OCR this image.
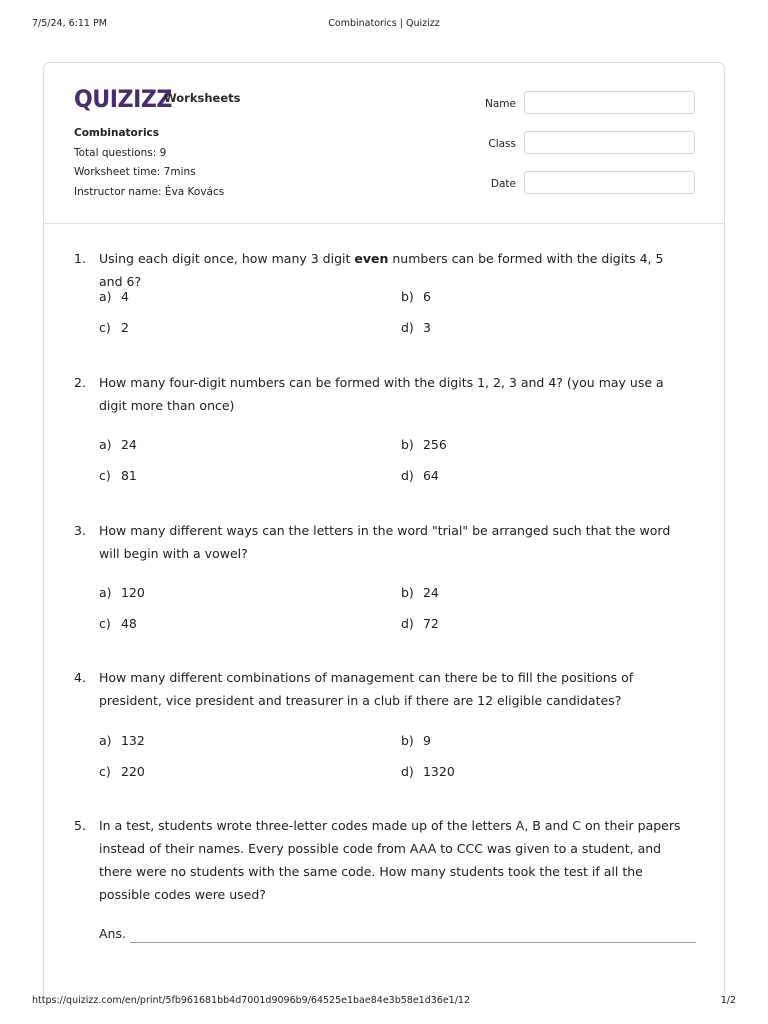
7/5/24, 6:11 PM	Combinatorics | Quizizz
QUIZIZZ
Worksheets
Combinatorics
Total questions: 9
Worksheet time: 7mins
Instructor name: Éva Kovács
Name
Class
Date
1. Using each digit once, how many 3 digit even numbers can be formed with the digits 4, 5 and 6?
a) 4	b) 6
c) 2	d) 3
2. How many four-digit numbers can be formed with the digits 1, 2, 3 and 4? (you may use a digit more than once)
a) 24	b) 256
c) 81	d) 64
3. How many different ways can the letters in the word "trial" be arranged such that the word will begin with a vowel?
a) 120	b) 24
c) 48	d) 72
4. How many different combinations of management can there be to fill the positions of president, vice president and treasurer in a club if there are 12 eligible candidates?
a) 132	b) 9
c) 220	d) 1320
5. In a test, students wrote three-letter codes made up of the letters A, B and C on their papers instead of their names. Every possible code from AAA to CCC was given to a student, and there were no students with the same code. How many students took the test if all the possible codes were used?
Ans.
https://quizizz.com/en/print/5fb961681bb4d7001d9096b9/64525e1bae84e3b58e1d36e1/12	1/2
